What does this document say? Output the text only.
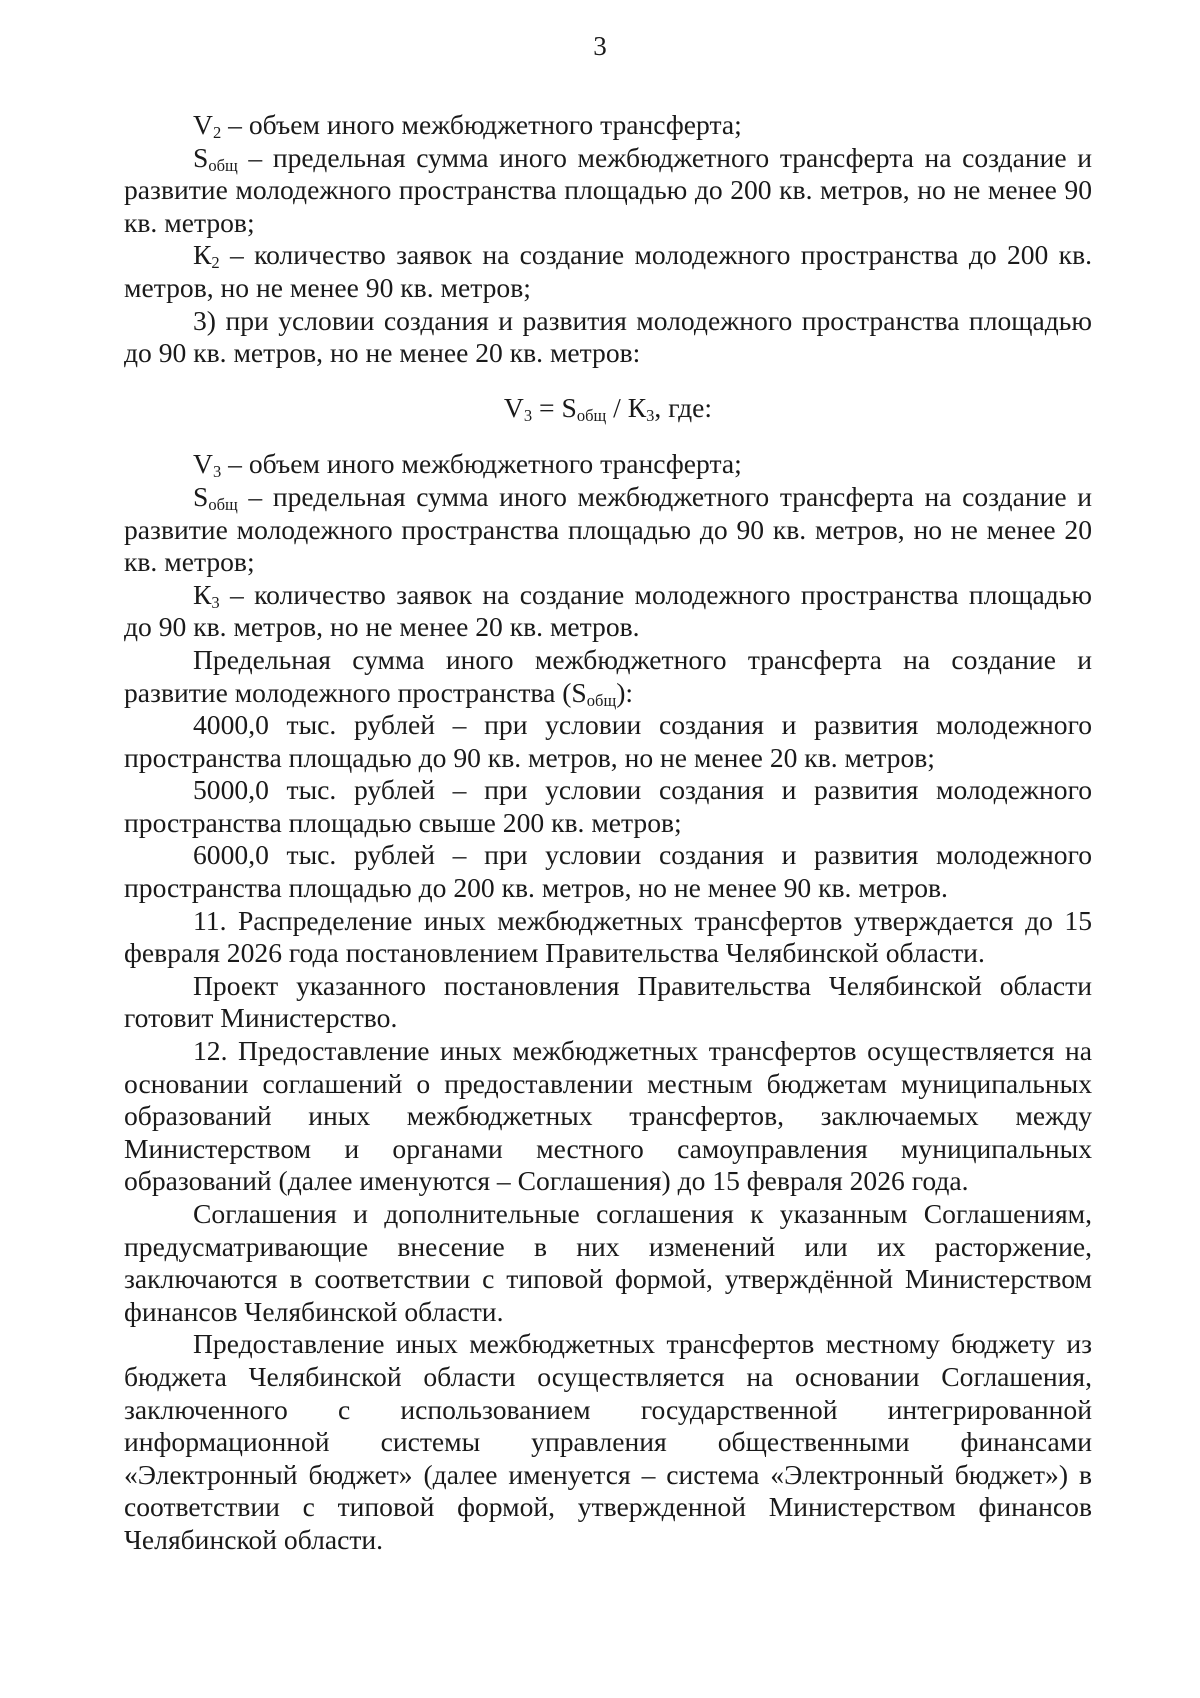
3

$V_2$ – объем иного межбюджетного трансферта;

$S_{общ}$ – предельная сумма иного межбюджетного трансферта на создание и развитие молодежного пространства площадью до 200 кв. метров, но не менее 90 кв. метров;

$К_2$ – количество заявок на создание молодежного пространства до 200 кв. метров, но не менее 90 кв. метров;

3) при условии создания и развития молодежного пространства площадью до 90 кв. метров, но не менее 20 кв. метров:

$V_3 = S_{общ} / К_3$, где:

$V_3$ – объем иного межбюджетного трансферта;

$S_{общ}$ – предельная сумма иного межбюджетного трансферта на создание и развитие молодежного пространства площадью до 90 кв. метров, но не менее 20 кв. метров;

$К_3$ – количество заявок на создание молодежного пространства площадью до 90 кв. метров, но не менее 20 кв. метров.

Предельная сумма иного межбюджетного трансферта на создание и развитие молодежного пространства $(S_{общ})$:

4000,0 тыс. рублей – при условии создания и развития молодежного пространства площадью до 90 кв. метров, но не менее 20 кв. метров;

5000,0 тыс. рублей – при условии создания и развития молодежного пространства площадью свыше 200 кв. метров;

6000,0 тыс. рублей – при условии создания и развития молодежного пространства площадью до 200 кв. метров, но не менее 90 кв. метров.

11. Распределение иных межбюджетных трансфертов утверждается до 15 февраля 2026 года постановлением Правительства Челябинской области.

Проект указанного постановления Правительства Челябинской области готовит Министерство.

12. Предоставление иных межбюджетных трансфертов осуществляется на основании соглашений о предоставлении местным бюджетам муниципальных образований иных межбюджетных трансфертов, заключаемых между Министерством и органами местного самоуправления муниципальных образований (далее именуются – Соглашения) до 15 февраля 2026 года.

Соглашения и дополнительные соглашения к указанным Соглашениям, предусматривающие внесение в них изменений или их расторжение, заключаются в соответствии с типовой формой, утверждённой Министерством финансов Челябинской области.

Предоставление иных межбюджетных трансфертов местному бюджету из бюджета Челябинской области осуществляется на основании Соглашения, заключенного с использованием государственной интегрированной информационной системы управления общественными финансами «Электронный бюджет» (далее именуется – система «Электронный бюджет») в соответствии с типовой формой, утвержденной Министерством финансов Челябинской области.
